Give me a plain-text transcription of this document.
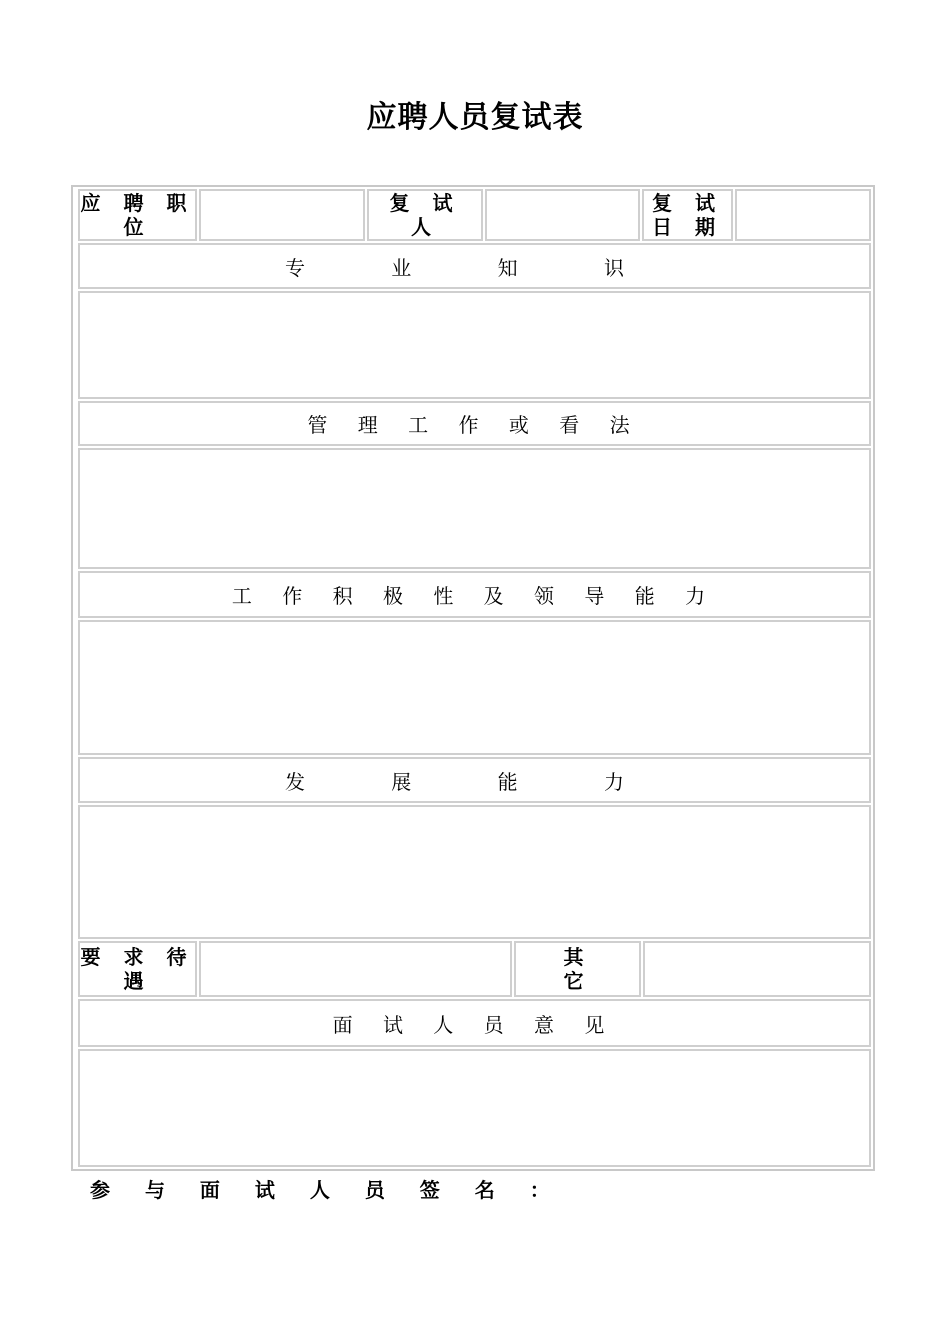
应聘人员复试表
应 聘 职
位
复 试 人
复 试
日 期
专 业 知 识
管 理 工 作 或 看 法
工 作 积 极 性 及 领 导 能 力
发 展 能 力
要 求 待
遇
其
它
面 试 人 员 意 见
参 与 面 试 人 员 签 名 ：
